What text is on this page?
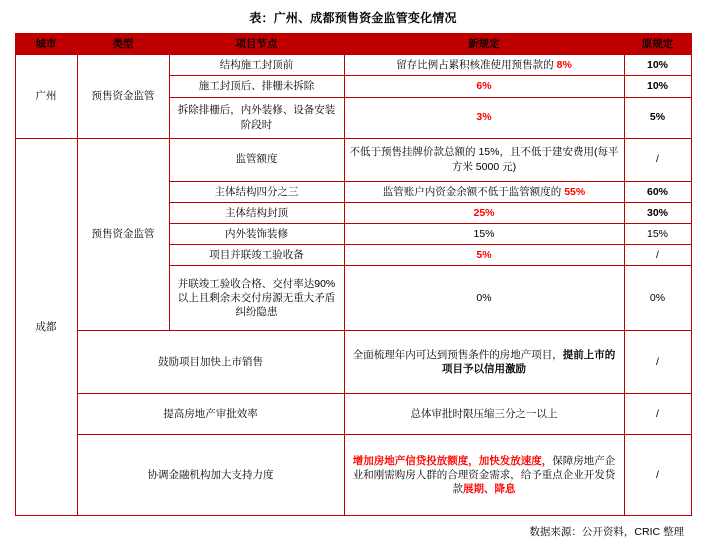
表：广州、成都预售资金监管变化情况
城市	类型	项目节点	新规定	原规定
广州	预售资金监管	结构施工封顶前	留存比例占累积核准使用预售款的 8%	10%
		施工封顶后、排栅未拆除	6%	10%
		拆除排栅后，内外装修、设备安装阶段时	3%	5%
成都	预售资金监管	监管额度	不低于预售挂牌价款总额的 15%，且不低于建安费用(每平方米 5000 元)	/
		主体结构四分之三	监管账户内资金余额不低于监管额度的 55%	60%
		主体结构封顶	25%	30%
		内外装饰装修	15%	15%
		项目并联竣工验收备	5%	/
		并联竣工验收合格、交付率达90%以上且剩余未交付房源无重大矛盾纠纷隐患	0%	0%
	鼓励项目加快上市销售		全面梳理年内可达到预售条件的房地产项目，提前上市的项目予以信用激励	/
	提高房地产审批效率		总体审批时限压缩三分之一以上	/
	协调金融机构加大支持力度		增加房地产信贷投放额度，加快发放速度，保障房地产企业和刚需购房人群的合理资金需求，给予重点企业开发贷款展期、降息	/
数据来源：公开资料，CRIC 整理
